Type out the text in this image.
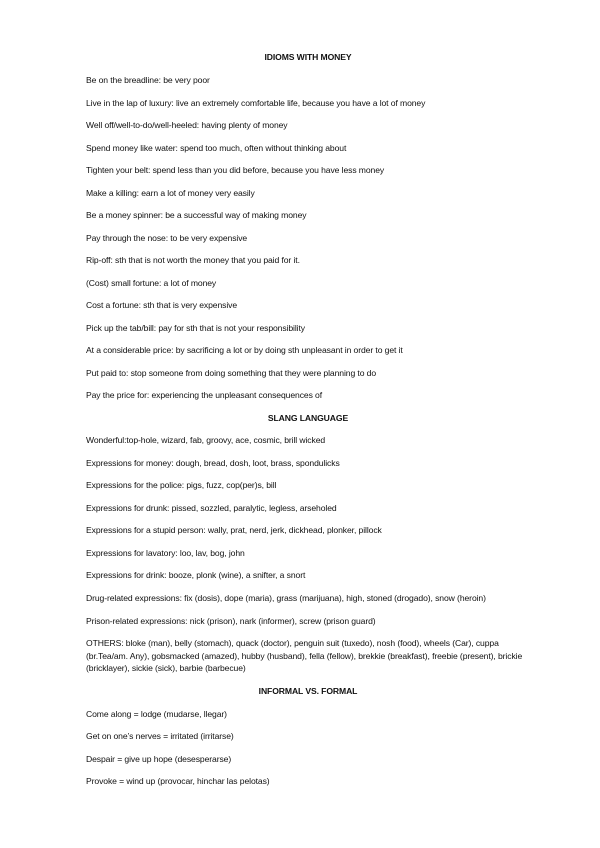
IDIOMS WITH MONEY

Be on the breadline: be very poor

Live in the lap of luxury: live an extremely comfortable life, because you have a lot of money

Well off/well-to-do/well-heeled: having plenty of money

Spend money like water: spend too much, often without thinking about

Tighten your belt: spend less than you did before, because you have less money

Make a killing: earn a lot of money very easily

Be a money spinner: be a successful way of making money

Pay through the nose: to be very expensive

Rip-off: sth that is not worth the money that you paid for it.

(Cost) small fortune: a lot of money

Cost a fortune: sth that is very expensive

Pick up the tab/bill: pay for sth that is not your responsibility

At a considerable price: by sacrificing a lot or by doing sth unpleasant in order to get it

Put paid to: stop someone from doing something that they were planning to do

Pay the price for: experiencing the unpleasant consequences of

SLANG LANGUAGE

Wonderful:top-hole, wizard, fab, groovy, ace, cosmic, brill wicked

Expressions for money: dough, bread, dosh, loot, brass, spondulicks

Expressions for the police: pigs, fuzz, cop(per)s, bill

Expressions for drunk: pissed, sozzled, paralytic, legless, arseholed

Expressions for a stupid person: wally, prat, nerd, jerk, dickhead, plonker, pillock

Expressions for lavatory: loo, lav, bog, john

Expressions for drink: booze, plonk (wine), a snifter, a snort

Drug-related expressions: fix (dosis), dope (maria), grass (marijuana), high, stoned (drogado), snow (heroin)

Prison-related expressions: nick (prison), nark (informer), screw (prison guard)

OTHERS: bloke (man), belly (stomach), quack (doctor), penguin suit (tuxedo), nosh (food), wheels (Car), cuppa (br.Tea/am. Any), gobsmacked (amazed), hubby (husband), fella (fellow), brekkie (breakfast), freebie (present), brickie (bricklayer), sickie (sick), barbie (barbecue)

INFORMAL VS. FORMAL

Come along = lodge (mudarse, llegar)

Get on one’s nerves = irritated (irritarse)

Despair = give up hope (desesperarse)

Provoke = wind up (provocar, hinchar las pelotas)
